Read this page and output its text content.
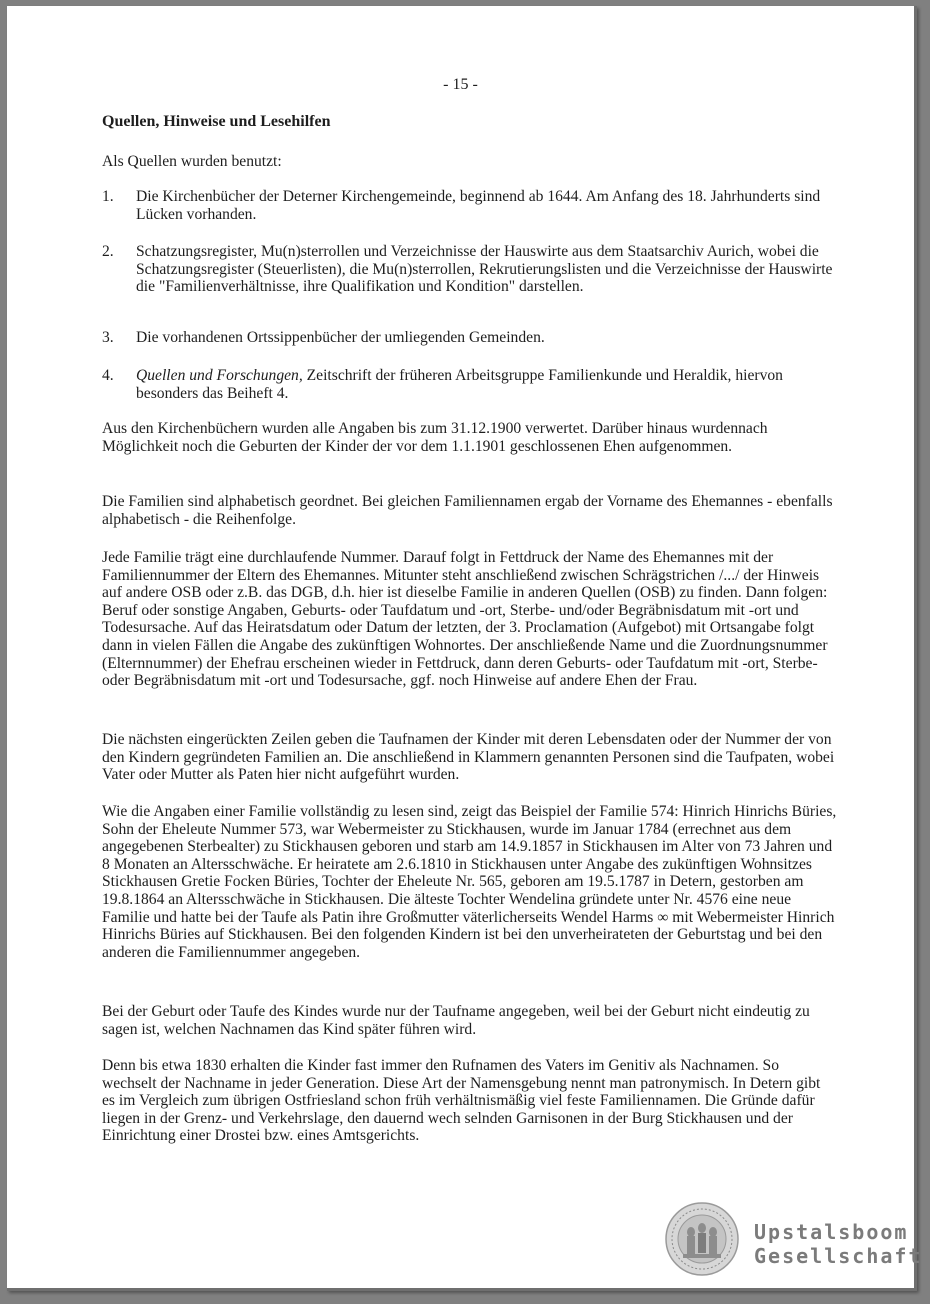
- 15 -
Quellen, Hinweise und Lesehilfen

Als Quellen wurden benutzt:

1. Die Kirchenbücher der Deterner Kirchengemeinde, beginnend ab 1644. Am Anfang des 18. Jahrhunderts sind Lücken vorhanden.
2. Schatzungsregister, Mu(n)sterrollen und Verzeichnisse der Hauswirte aus dem Staatsarchiv Aurich, wobei die Schatzungsregister (Steuerlisten), die Mu(n)sterrollen, Rekrutierungslisten und die Verzeichnisse der Hauswirte die "Familienverhältnisse, ihre Qualifikation und Kondition" darstellen.
3. Die vorhandenen Ortssippenbücher der umliegenden Gemeinden.
4. Quellen und Forschungen, Zeitschrift der früheren Arbeitsgruppe Familienkunde und Heraldik, hiervon besonders das Beiheft 4.

Aus den Kirchenbüchern wurden alle Angaben bis zum 31.12.1900 verwertet. Darüber hinaus wurdennach Möglichkeit noch die Geburten der Kinder der vor dem 1.1.1901 geschlossenen Ehen aufgenommen.

Die Familien sind alphabetisch geordnet. Bei gleichen Familiennamen ergab der Vorname des Ehemannes - ebenfalls alphabetisch - die Reihenfolge.

Jede Familie trägt eine durchlaufende Nummer. Darauf folgt in Fettdruck der Name des Ehemannes mit der Familiennummer der Eltern des Ehemannes. Mitunter steht anschließend zwischen Schrägstrichen /.../ der Hinweis auf andere OSB oder z.B. das DGB, d.h. hier ist dieselbe Familie in anderen Quellen (OSB) zu finden. Dann folgen: Beruf oder sonstige Angaben, Geburts- oder Taufdatum und -ort, Sterbe- und/oder Begräbnisdatum mit -ort und Todesursache. Auf das Heiratsdatum oder Datum der letzten, der 3. Proclamation (Aufgebot) mit Ortsangabe folgt dann in vielen Fällen die Angabe des zukünftigen Wohnortes. Der anschließende Name und die Zuordnungsnummer (Elternnummer) der Ehefrau erscheinen wieder in Fettdruck, dann deren Geburts- oder Taufdatum mit -ort, Sterbe- oder Begräbnisdatum mit -ort und Todesursache, ggf. noch Hinweise auf andere Ehen der Frau.

Die nächsten eingerückten Zeilen geben die Taufnamen der Kinder mit deren Lebensdaten oder der Nummer der von den Kindern gegründeten Familien an. Die anschließend in Klammern genannten Personen sind die Taufpaten, wobei Vater oder Mutter als Paten hier nicht aufgeführt wurden.

Wie die Angaben einer Familie vollständig zu lesen sind, zeigt das Beispiel der Familie 574: Hinrich Hinrichs Büries, Sohn der Eheleute Nummer 573, war Webermeister zu Stickhausen, wurde im Januar 1784 (errechnet aus dem angegebenen Sterbealter) zu Stickhausen geboren und starb am 14.9.1857 in Stickhausen im Alter von 73 Jahren und 8 Monaten an Altersschwäche. Er heiratete am 2.6.1810 in Stickhausen unter Angabe des zukünftigen Wohnsitzes Stickhausen Gretie Focken Büries, Tochter der Eheleute Nr. 565, geboren am 19.5.1787 in Detern, gestorben am 19.8.1864 an Altersschwäche in Stickhausen. Die älteste Tochter Wendelina gründete unter Nr. 4576 eine neue Familie und hatte bei der Taufe als Patin ihre Großmutter väterlicherseits Wendel Harms ∞ mit Webermeister Hinrich Hinrichs Büries auf Stickhausen. Bei den folgenden Kindern ist bei den unverheirateten der Geburtstag und bei den anderen die Familiennummer angegeben.

Bei der Geburt oder Taufe des Kindes wurde nur der Taufname angegeben, weil bei der Geburt nicht eindeutig zu sagen ist, welchen Nachnamen das Kind später führen wird.

Denn bis etwa 1830 erhalten die Kinder fast immer den Rufnamen des Vaters im Genitiv als Nachnamen. So wechselt der Nachname in jeder Generation. Diese Art der Namensgebung nennt man patronymisch. In Detern gibt es im Vergleich zum übrigen Ostfriesland schon früh verhältnismäßig viel feste Familiennamen. Die Gründe dafür liegen in der Grenz- und Verkehrslage, den dauernd wech selnden Garnisonen in der Burg Stickhausen und der Einrichtung einer Drostei bzw. eines Amtsgerichts.

Upstalsboom
Gesellschaft
